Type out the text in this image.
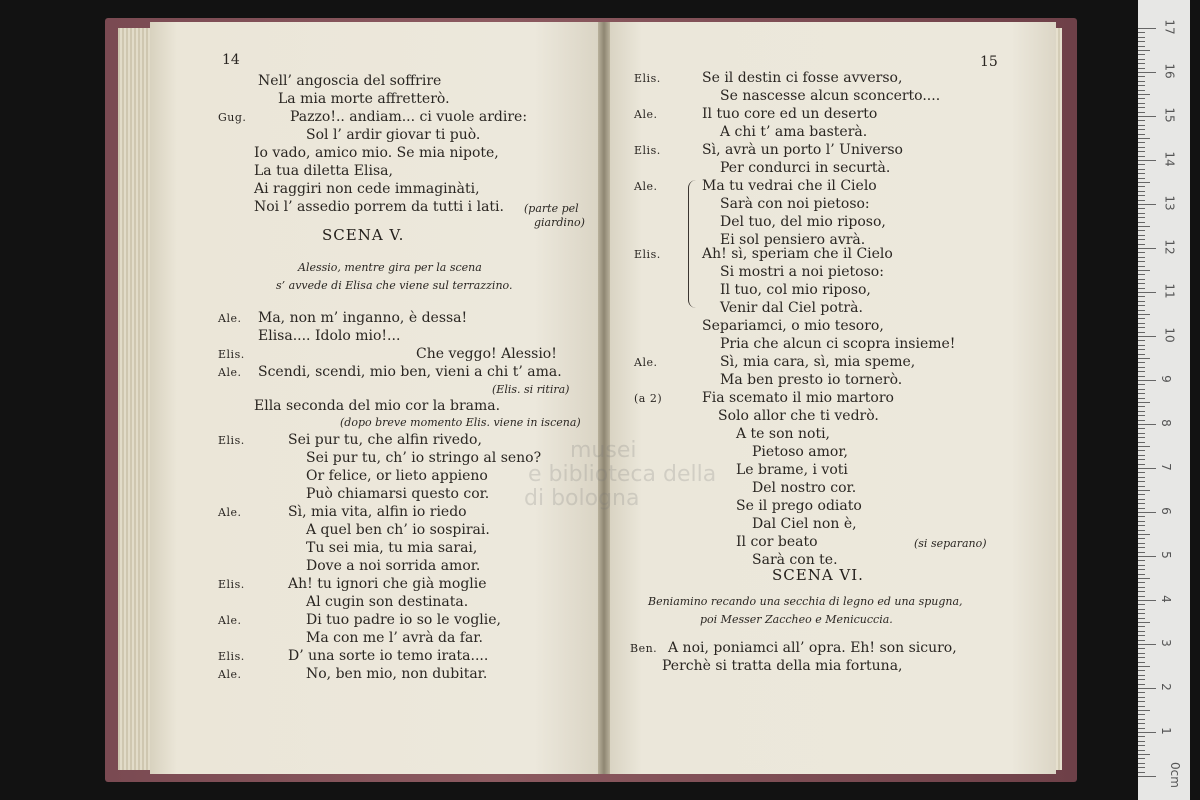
14
Nell’ angoscia del soffrire
La mia morte affretterò.
Gug.	Pazzo!.. andiam... ci vuole ardire:
Sol l’ ardir giovar ti può.
Io vado, amico mio. Se mia nipote,
La tua diletta Elisa,
Ai raggiri non cede immaginàti,
Noi l’ assedio porrem da tutti i lati. (parte pel
giardino)
SCENA V.
Alessio, mentre gira per la scena
s’ avvede di Elisa che viene sul terrazzino.
Ale. Ma, non m’ inganno, è dessa!
Elisa.... Idolo mio!...
Elis.	Che veggo! Alessio!
Ale. Scendi, scendi, mio ben, vieni a chi t’ ama.
Ella seconda del mio cor la brama.
Elis.	Sei pur tu, che alfin rivedo,
Sei pur tu, ch’ io stringo al seno?
Or felice, or lieto appieno
Può chiamarsi questo cor.
Ale.	Sì, mia vita, alfin io riedo
A quel ben ch’ io sospirai.
Tu sei mia, tu mia sarai,
Dove a noi sorrida amor.
Elis.	Ah! tu ignori che già moglie
Al cugin son destinata.
Ale.	Di tuo padre io so le voglie,
Ma con me l’ avrà da far.
Elis.	D’ una sorte io temo irata....
Ale.	No, ben mio, non dubitar.
(Elis. si ritira)
(dopo breve momento Elis. viene in iscena)
15
Elis.	Se il destin ci fosse avverso,
Se nascesse alcun sconcerto....
Ale.	Il tuo core ed un deserto
A chi t’ ama basterà.
Elis.	Sì, avrà un porto l’ Universo
Per condurci in securtà.
Ale.	Ma tu vedrai che il Cielo
Sarà con noi pietoso:
Del tuo, del mio riposo,
Ei sol pensiero avrà.
Elis.	Ah! sì, speriam che il Cielo
Si mostri a noi pietoso:
Il tuo, col mio riposo,
Venir dal Ciel potrà.
Separiamci, o mio tesoro,
Pria che alcun ci scopra insieme!
Ale.	Sì, mia cara, sì, mia speme,
Ma ben presto io tornerò.
(a 2)	Fia scemato il mio martoro
Solo allor che ti vedrò.
A te son noti,
Pietoso amor,
Le brame, i voti
Del nostro cor.
Se il prego odiato
Dal Ciel non è,
Il cor beato
Sarà con te.
(si separano)
SCENA VI.
Beniamino recando una secchia di legno ed una spugna,
poi Messer Zaccheo e Menicuccia.
Ben. A noi, poniamci all’ opra. Eh! son sicuro,
Perchè si tratta della mia fortuna,
musei
e biblioteca della
di bologna
0cm
1
2
3
4
5
6
7
8
9
10
11
12
13
14
15
16
17
